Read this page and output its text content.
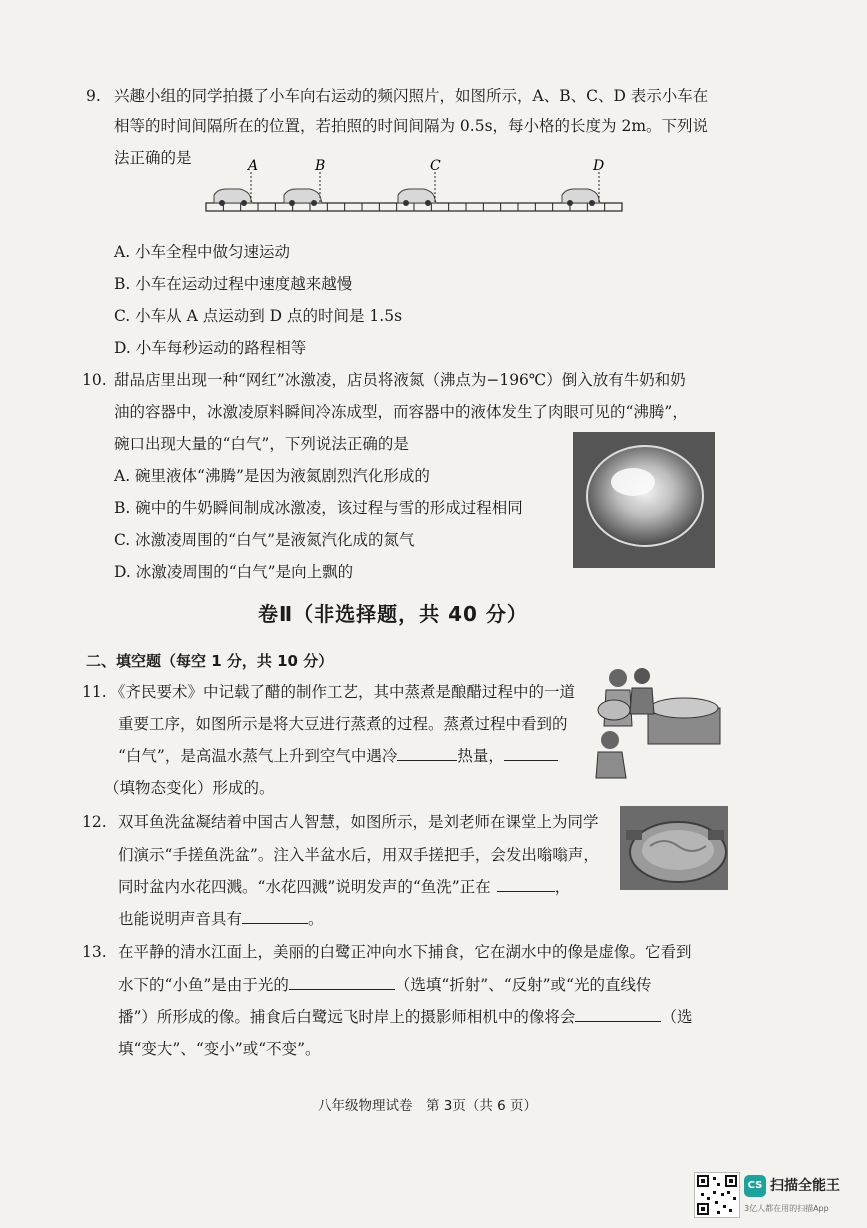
9. 兴趣小组的同学拍摄了小车向右运动的频闪照片，如图所示，A、B、C、D 表示小车在
相等的时间间隔所在的位置，若拍照的时间间隔为 0.5s，每小格的长度为 2m。下列说
法正确的是	A	B	C	D
A. 小车全程中做匀速运动
B. 小车在运动过程中速度越来越慢
C. 小车从 A 点运动到 D 点的时间是 1.5s
D. 小车每秒运动的路程相等
10. 甜品店里出现一种“网红”冰激凌，店员将液氮（沸点为−196℃）倒入放有牛奶和奶
油的容器中，冰激凌原料瞬间冷冻成型，而容器中的液体发生了肉眼可见的“沸腾”，
碗口出现大量的“白气”，下列说法正确的是
A. 碗里液体“沸腾”是因为液氮剧烈汽化形成的
B. 碗中的牛奶瞬间制成冰激凌，该过程与雪的形成过程相同
C. 冰激凌周围的“白气”是液氮汽化成的氮气
D. 冰激凌周围的“白气”是向上飘的
卷Ⅱ（非选择题，共 40 分）
二、填空题（每空 1 分，共 10 分）
11. 《齐民要术》中记载了醋的制作工艺，其中蒸煮是酿醋过程中的一道
重要工序，如图所示是将大豆进行蒸煮的过程。蒸煮过程中看到的
“白气”，是高温水蒸气上升到空气中遇冷	热量，
（填物态变化）形成的。
12. 双耳鱼洗盆凝结着中国古人智慧，如图所示，是刘老师在课堂上为同学
们演示“手搓鱼洗盆”。注入半盆水后，用双手搓把手，会发出嗡嗡声，
同时盆内水花四溅。“水花四溅”说明发声的“鱼洗”正在	，
也能说明声音具有	。
13. 在平静的清水江面上，美丽的白鹭正冲向水下捕食，它在湖水中的像是虚像。它看到
水下的“小鱼”是由于光的	（选填“折射”、“反射”或“光的直线传
播”）所形成的像。捕食后白鹭远飞时岸上的摄影师相机中的像将会	（选
填“变大”、“变小”或“不变”。
八年级物理试卷　第 3页（共 6 页）
CS 扫描全能王
3亿人都在用的扫描App
